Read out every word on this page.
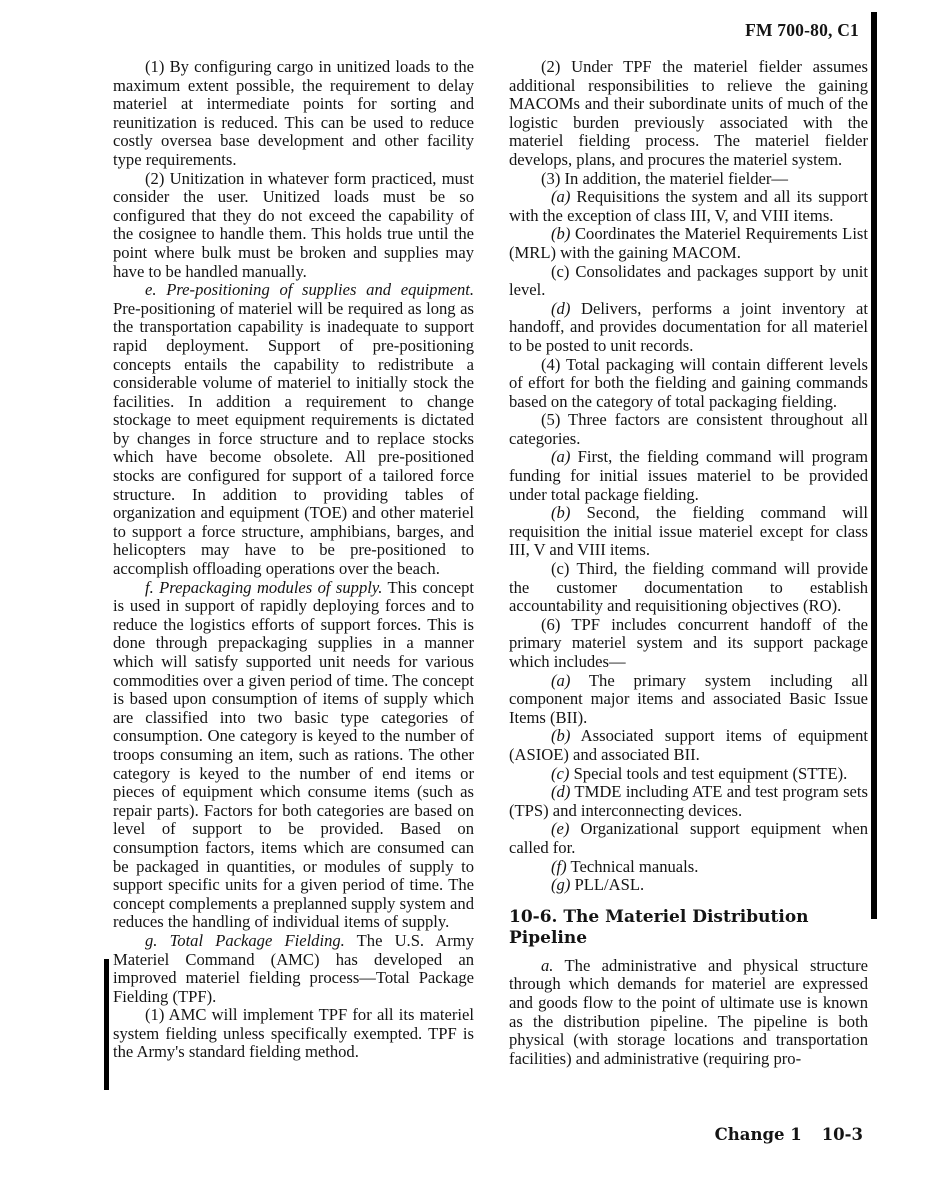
FM 700-80, C1

(1) By configuring cargo in unitized loads to the maximum extent possible, the requirement to delay materiel at intermediate points for sorting and reunitization is reduced. This can be used to reduce costly oversea base development and other facility type requirements.

(2) Unitization in whatever form practiced, must consider the user. Unitized loads must be so configured that they do not exceed the capability of the cosignee to handle them. This holds true until the point where bulk must be broken and supplies may have to be handled manually.

e. Pre-positioning of supplies and equipment. Pre-positioning of materiel will be required as long as the transportation capability is inadequate to support rapid deployment. Support of pre-positioning concepts entails the capability to redistribute a considerable volume of materiel to initially stock the facilities. In addition a requirement to change stockage to meet equipment requirements is dictated by changes in force structure and to replace stocks which have become obsolete. All pre-positioned stocks are configured for support of a tailored force structure. In addition to providing tables of organization and equipment (TOE) and other materiel to support a force structure, amphibians, barges, and helicopters may have to be pre-positioned to accomplish offloading operations over the beach.

f. Prepackaging modules of supply. This concept is used in support of rapidly deploying forces and to reduce the logistics efforts of support forces. This is done through prepackaging supplies in a manner which will satisfy supported unit needs for various commodities over a given period of time. The concept is based upon consumption of items of supply which are classified into two basic type categories of consumption. One category is keyed to the number of troops consuming an item, such as rations. The other category is keyed to the number of end items or pieces of equipment which consume items (such as repair parts). Factors for both categories are based on level of support to be provided. Based on consumption factors, items which are consumed can be packaged in quantities, or modules of supply to support specific units for a given period of time. The concept complements a preplanned supply system and reduces the handling of individual items of supply.

g. Total Package Fielding. The U.S. Army Materiel Command (AMC) has developed an improved materiel fielding process—Total Package Fielding (TPF).

(1) AMC will implement TPF for all its materiel system fielding unless specifically exempted. TPF is the Army's standard fielding method.

(2) Under TPF the materiel fielder assumes additional responsibilities to relieve the gaining MACOMs and their subordinate units of much of the logistic burden previously associated with the materiel fielding process. The materiel fielder develops, plans, and procures the materiel system.

(3) In addition, the materiel fielder—

(a) Requisitions the system and all its support with the exception of class III, V, and VIII items.

(b) Coordinates the Materiel Requirements List (MRL) with the gaining MACOM.

(c) Consolidates and packages support by unit level.

(d) Delivers, performs a joint inventory at handoff, and provides documentation for all materiel to be posted to unit records.

(4) Total packaging will contain different levels of effort for both the fielding and gaining commands based on the category of total packaging fielding.

(5) Three factors are consistent throughout all categories.

(a) First, the fielding command will program funding for initial issues materiel to be provided under total package fielding.

(b) Second, the fielding command will requisition the initial issue materiel except for class III, V and VIII items.

(c) Third, the fielding command will provide the customer documentation to establish accountability and requisitioning objectives (RO).

(6) TPF includes concurrent handoff of the primary materiel system and its support package which includes—

(a) The primary system including all component major items and associated Basic Issue Items (BII).

(b) Associated support items of equipment (ASIOE) and associated BII.

(c) Special tools and test equipment (STTE).

(d) TMDE including ATE and test program sets (TPS) and interconnecting devices.

(e) Organizational support equipment when called for.

(f) Technical manuals.

(g) PLL/ASL.

10-6. The Materiel Distribution Pipeline

a. The administrative and physical structure through which demands for materiel are expressed and goods flow to the point of ultimate use is known as the distribution pipeline. The pipeline is both physical (with storage locations and transportation facilities) and administrative (requiring pro-

Change 1 10-3
